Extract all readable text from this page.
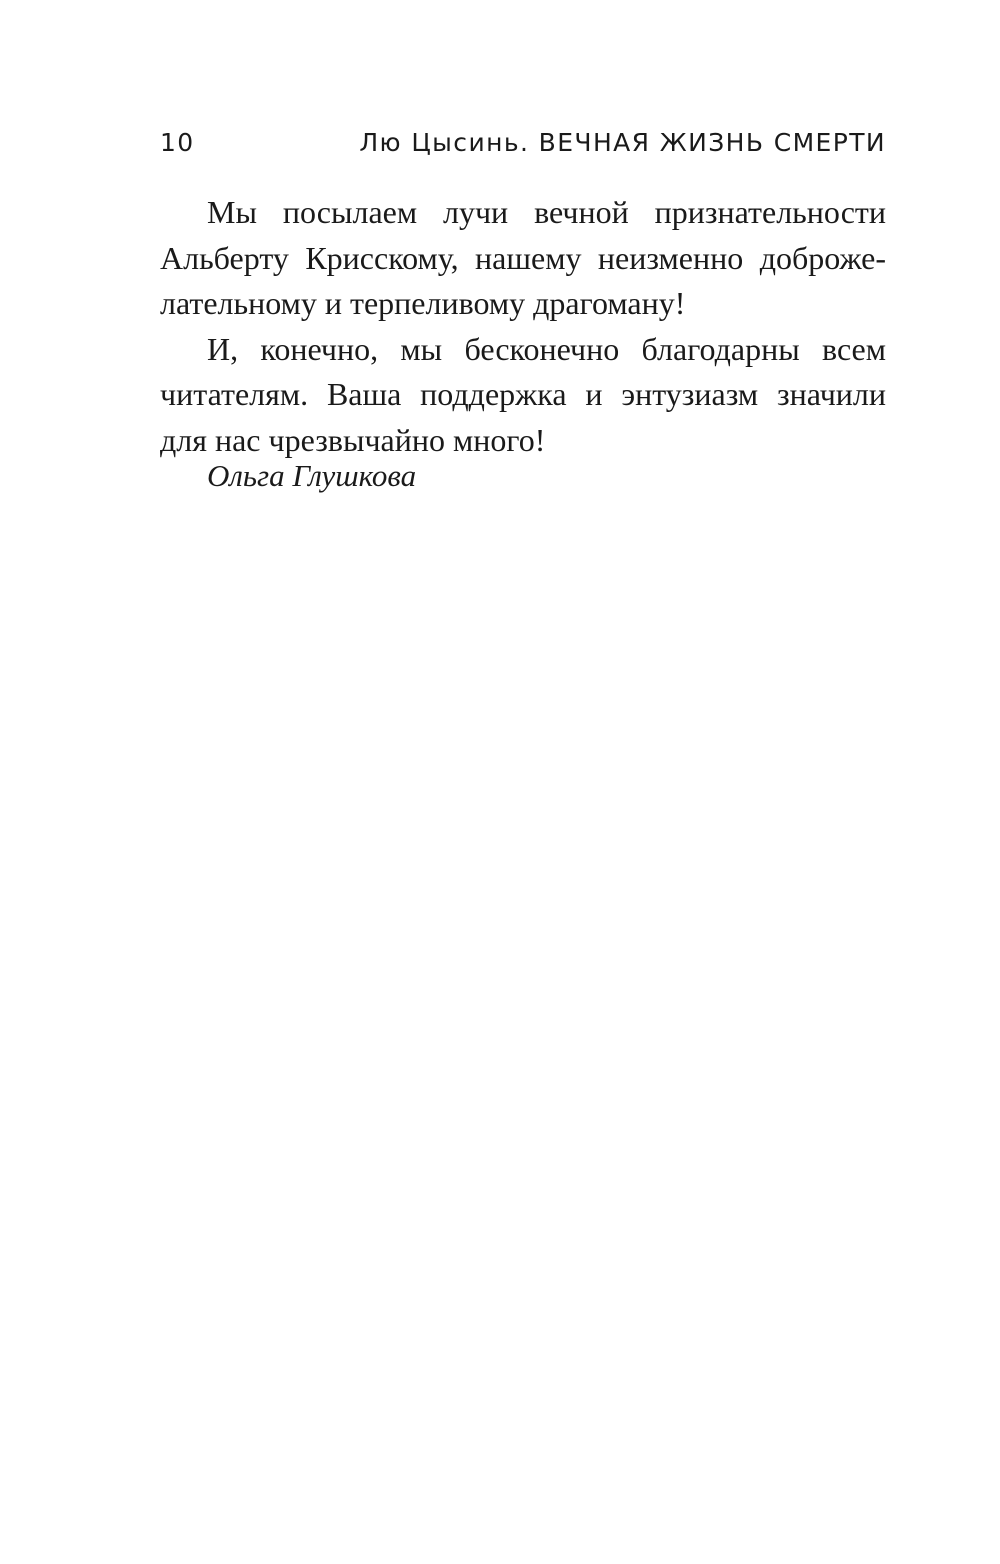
10	Лю Цысинь. ВЕЧНАЯ ЖИЗНЬ СМЕРТИ
Мы посылаем лучи вечной признательности
Альберту Крисскому, нашему неизменно доброже-
лательному и терпеливому драгоману!
И, конечно, мы бесконечно благодарны всем
читателям. Ваша поддержка и энтузиазм значили
для нас чрезвычайно много!
Ольга Глушкова
